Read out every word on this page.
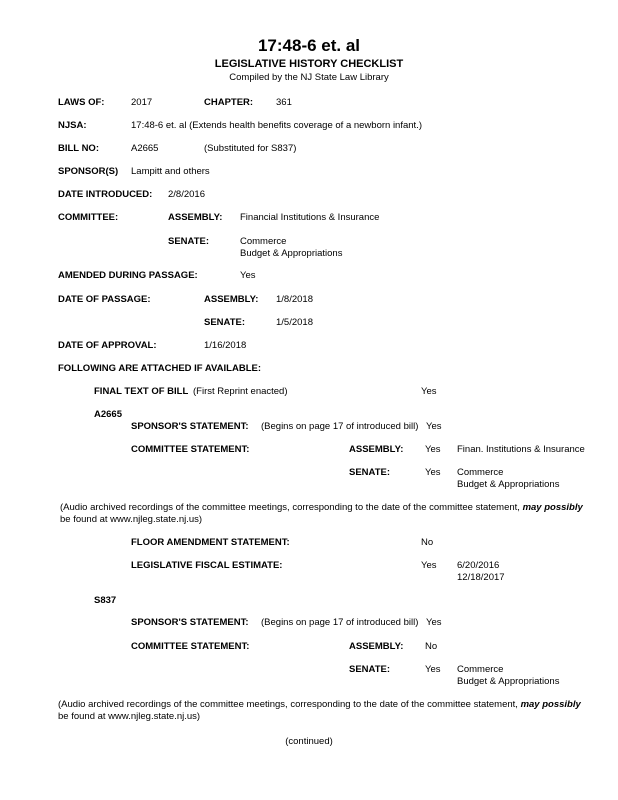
17:48-6 et. al
LEGISLATIVE HISTORY CHECKLIST
Compiled by the NJ State Law Library
LAWS OF:	2017	CHAPTER: 361
NJSA:	17:48-6 et. al (Extends health benefits coverage of a newborn infant.)
BILL NO:	A2665	(Substituted for S837)
SPONSOR(S) Lampitt and others
DATE INTRODUCED: 2/8/2016
COMMITTEE:	ASSEMBLY: Financial Institutions & Insurance
SENATE:	Commerce
Budget & Appropriations
AMENDED DURING PASSAGE:	Yes
DATE OF PASSAGE:	ASSEMBLY: 1/8/2018
SENATE:	1/5/2018
DATE OF APPROVAL:	1/16/2018
FOLLOWING ARE ATTACHED IF AVAILABLE:
FINAL TEXT OF BILL (First Reprint enacted)	Yes
A2665
SPONSOR'S STATEMENT: (Begins on page 17 of introduced bill) Yes
COMMITTEE STATEMENT:	ASSEMBLY: Yes Finan. Institutions & Insurance
SENATE:	Yes Commerce
Budget & Appropriations
(Audio archived recordings of the committee meetings, corresponding to the date of the committee statement, may possibly
be found at www.njleg.state.nj.us)
FLOOR AMENDMENT STATEMENT:	No
LEGISLATIVE FISCAL ESTIMATE:	Yes 6/20/2016
12/18/2017
S837
SPONSOR'S STATEMENT: (Begins on page 17 of introduced bill) Yes
COMMITTEE STATEMENT:	ASSEMBLY: No
SENATE:	Yes Commerce
Budget & Appropriations
(Audio archived recordings of the committee meetings, corresponding to the date of the committee statement, may possibly
be found at www.njleg.state.nj.us)
(continued)
